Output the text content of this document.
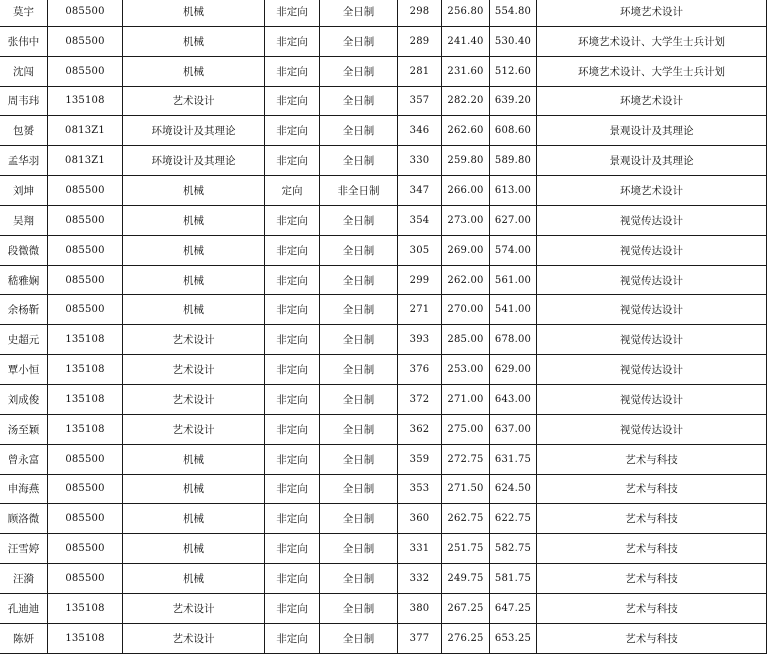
莫宇	085500	机械	非定向	全日制	298	256.80	554.80	环境艺术设计
张伟中	085500	机械	非定向	全日制	289	241.40	530.40	环境艺术设计、大学生士兵计划
沈闯	085500	机械	非定向	全日制	281	231.60	512.60	环境艺术设计、大学生士兵计划
周韦玮	135108	艺术设计	非定向	全日制	357	282.20	639.20	环境艺术设计
包赟	0813Z1	环境设计及其理论	非定向	全日制	346	262.60	608.60	景观设计及其理论
孟华羽	0813Z1	环境设计及其理论	非定向	全日制	330	259.80	589.80	景观设计及其理论
刘坤	085500	机械	定向	非全日制	347	266.00	613.00	环境艺术设计
吴翔	085500	机械	非定向	全日制	354	273.00	627.00	视觉传达设计
段微微	085500	机械	非定向	全日制	305	269.00	574.00	视觉传达设计
嵇雅娴	085500	机械	非定向	全日制	299	262.00	561.00	视觉传达设计
余杨靳	085500	机械	非定向	全日制	271	270.00	541.00	视觉传达设计
史超元	135108	艺术设计	非定向	全日制	393	285.00	678.00	视觉传达设计
覃小恒	135108	艺术设计	非定向	全日制	376	253.00	629.00	视觉传达设计
刘成俊	135108	艺术设计	非定向	全日制	372	271.00	643.00	视觉传达设计
汤至颖	135108	艺术设计	非定向	全日制	362	275.00	637.00	视觉传达设计
曾永富	085500	机械	非定向	全日制	359	272.75	631.75	艺术与科技
申海燕	085500	机械	非定向	全日制	353	271.50	624.50	艺术与科技
顾洛微	085500	机械	非定向	全日制	360	262.75	622.75	艺术与科技
汪雪婷	085500	机械	非定向	全日制	331	251.75	582.75	艺术与科技
汪漪	085500	机械	非定向	全日制	332	249.75	581.75	艺术与科技
孔迪迪	135108	艺术设计	非定向	全日制	380	267.25	647.25	艺术与科技
陈妍	135108	艺术设计	非定向	全日制	377	276.25	653.25	艺术与科技
